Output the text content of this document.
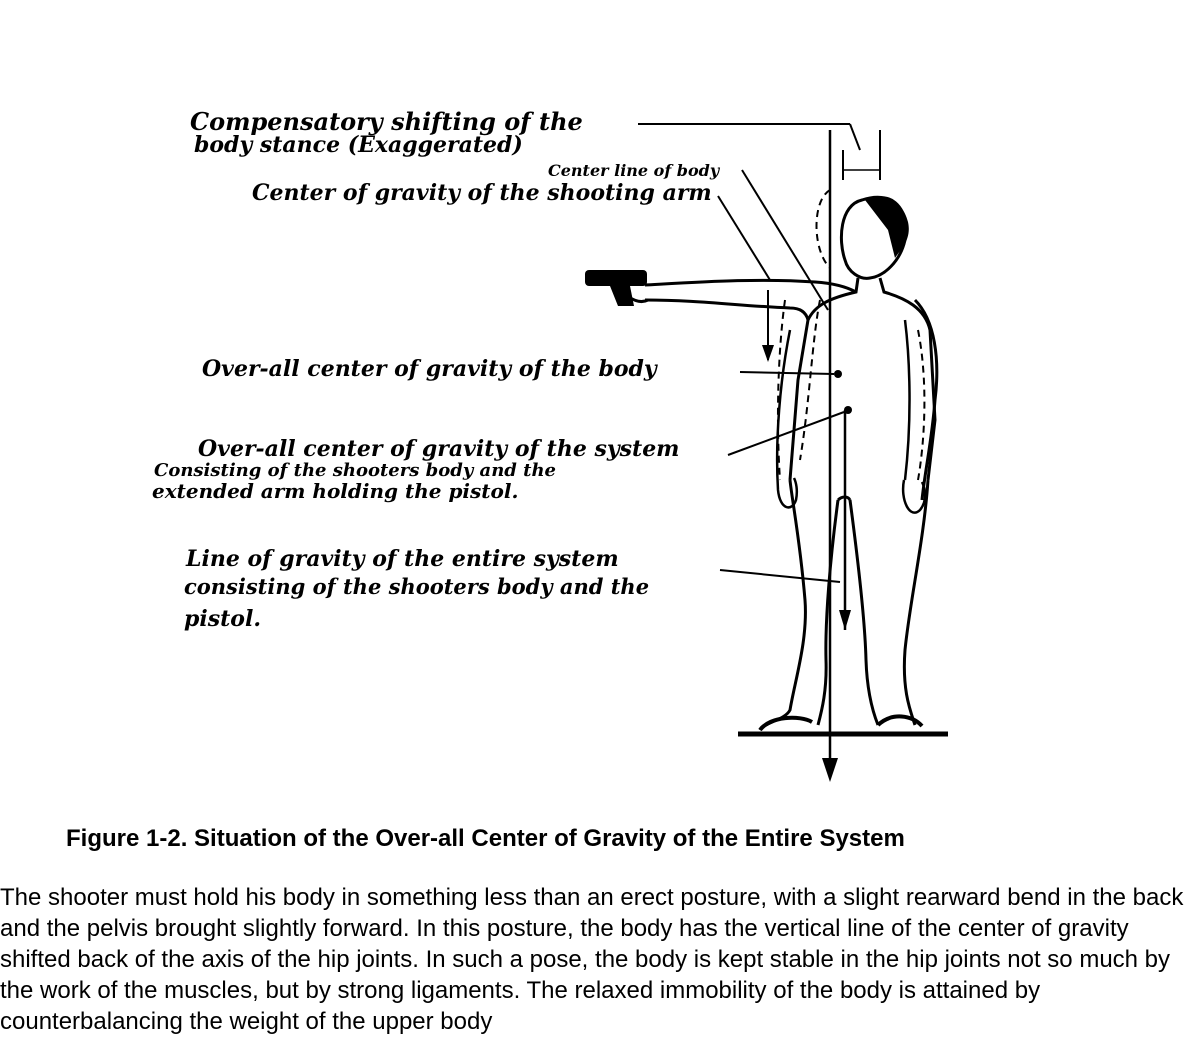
Compensatory shifting of the
body stance (Exaggerated)
Center line of body
Center of gravity of the shooting arm
Over-all center of gravity of the body
Over-all center of gravity of the system
Consisting of the shooters body and the
extended arm holding the pistol.
Line of gravity of the entire system
consisting of the shooters body and the
pistol.
Figure 1-2. Situation of the Over-all Center of Gravity of the Entire System

The shooter must hold his body in something less than an erect posture, with a slight rearward bend in the back and the pelvis brought slightly forward. In this posture, the body has the vertical line of the center of gravity shifted back of the axis of the hip joints. In such a pose, the body is kept stable in the hip joints not so much by the work of the muscles, but by strong ligaments. The relaxed immobility of the body is attained by counterbalancing the weight of the upper body
